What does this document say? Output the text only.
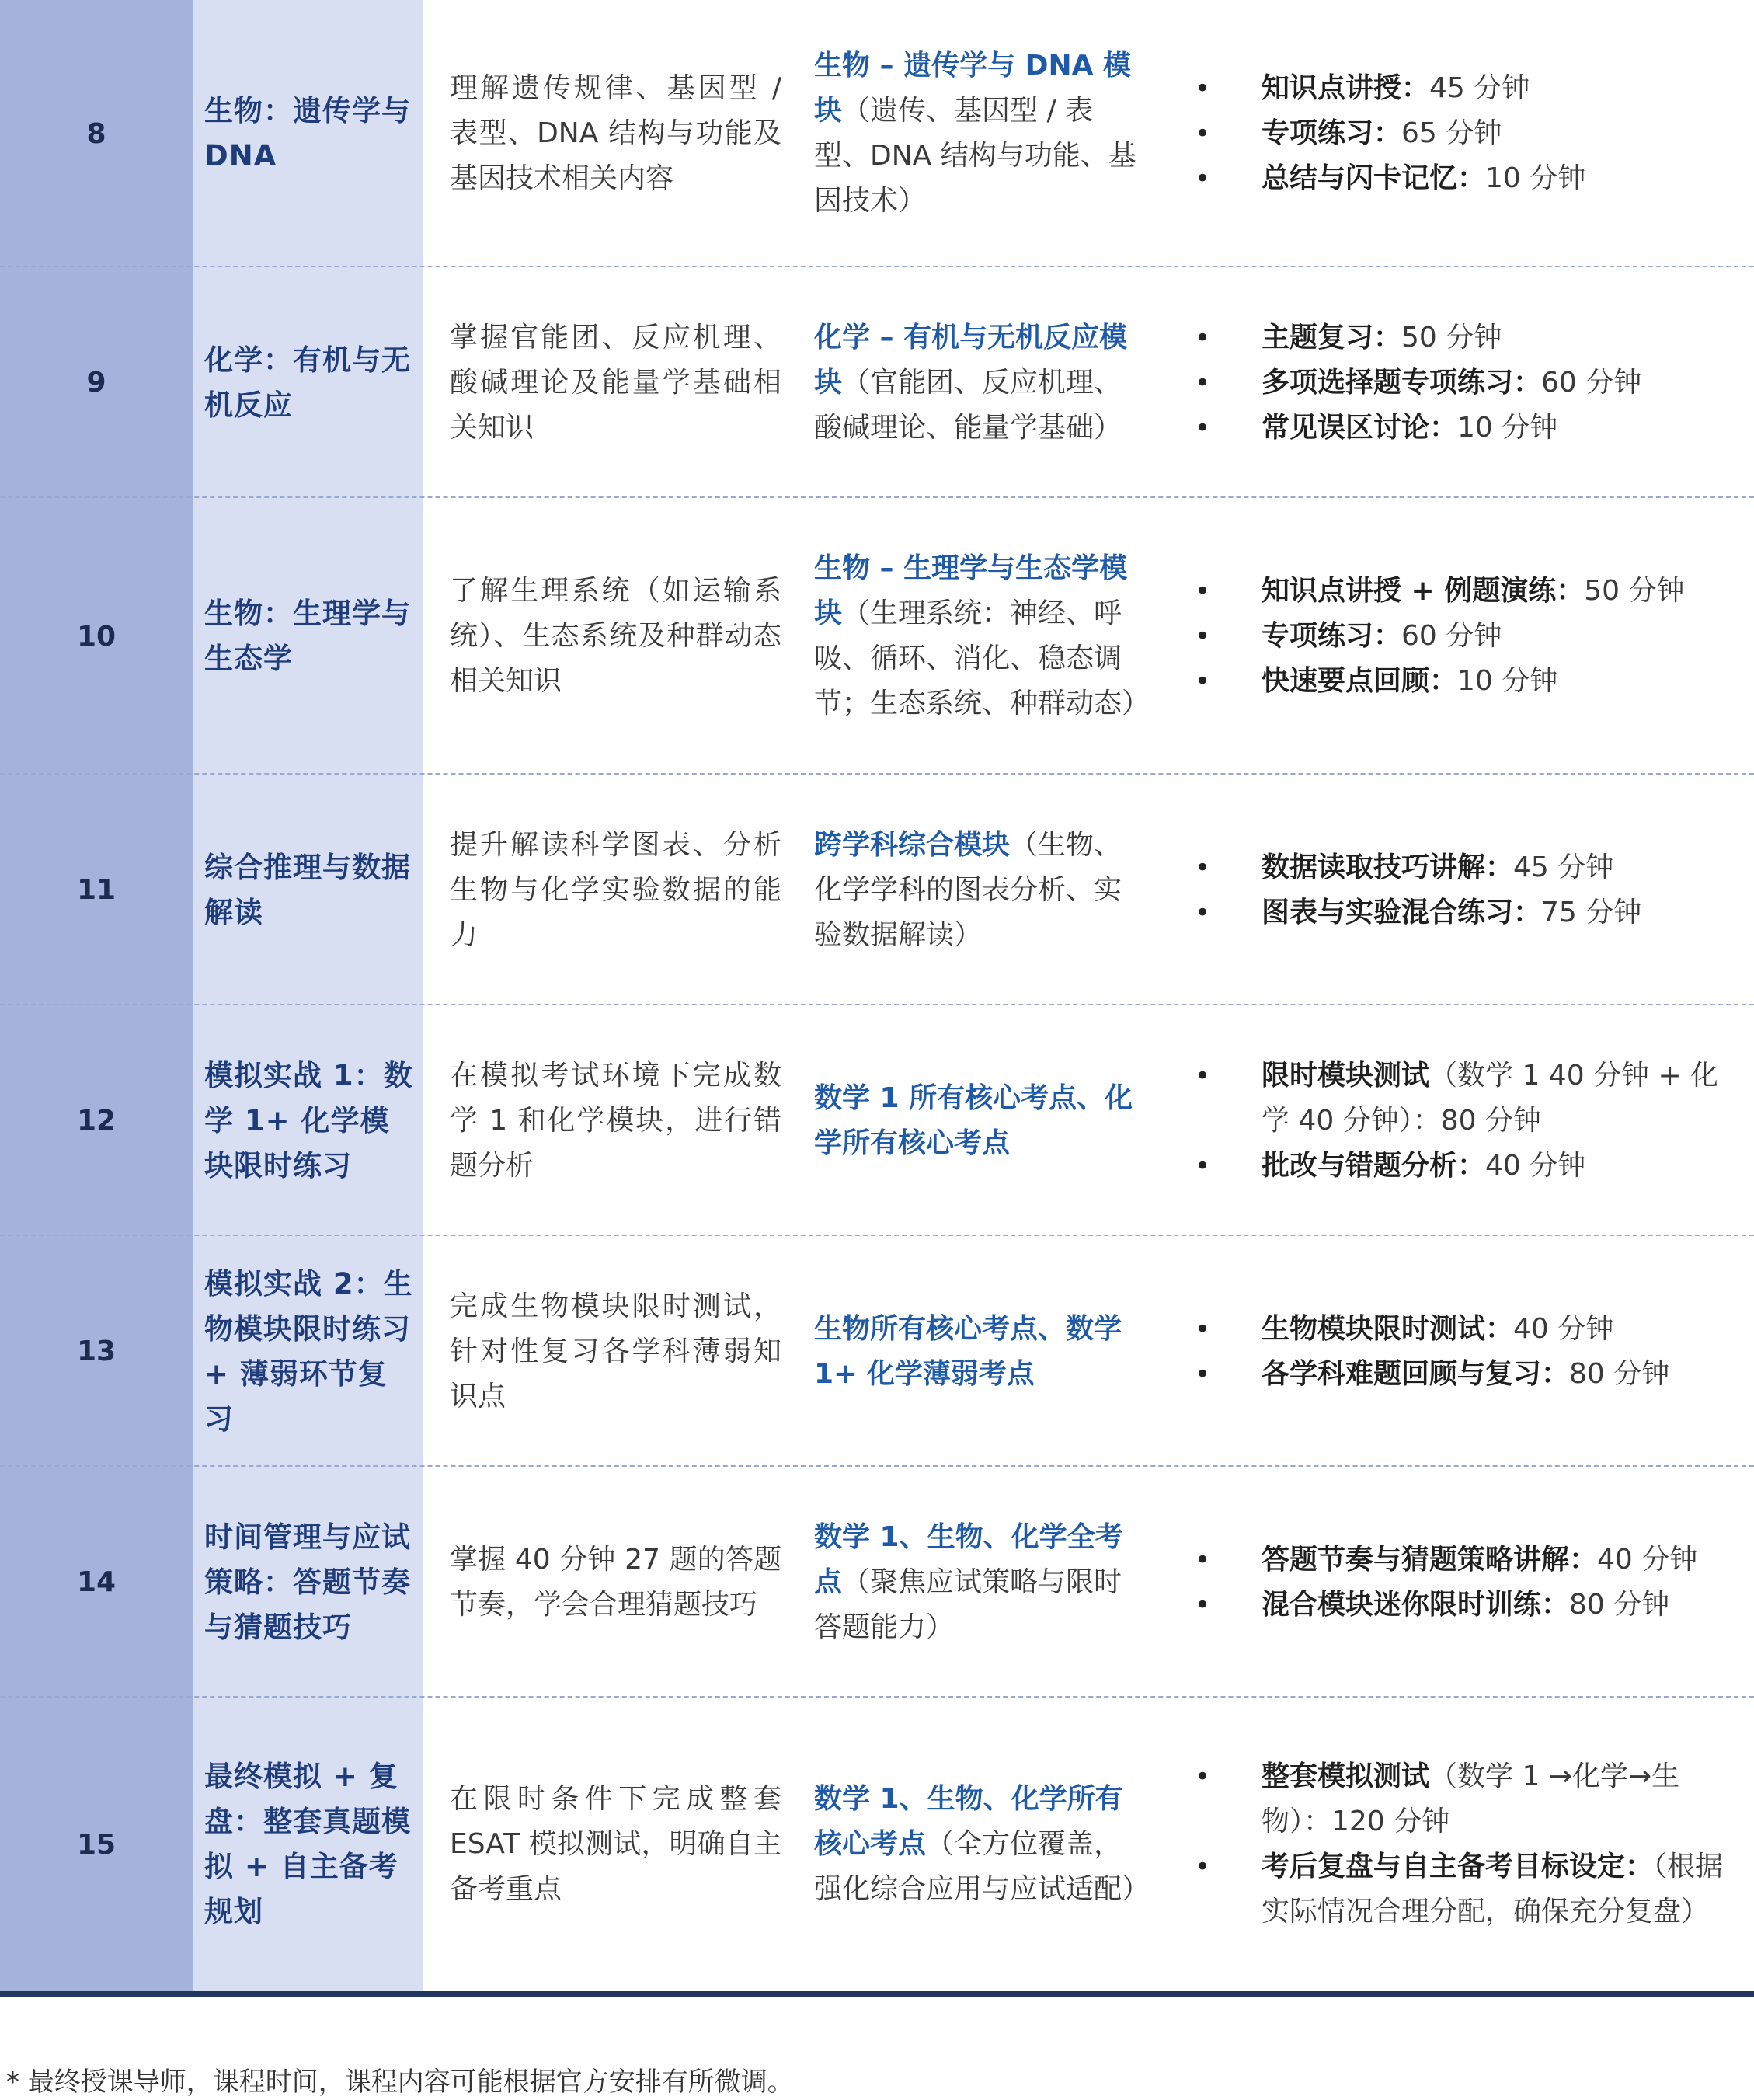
8
生物：遗传学与DNA
理解遗传规律、基因型 / 表型、DNA 结构与功能及基因技术相关内容
生物 – 遗传学与 DNA 模块（遗传、基因型 / 表型、DNA 结构与功能、基因技术）
• 知识点讲授：45 分钟
• 专项练习：65 分钟
• 总结与闪卡记忆：10 分钟
9
化学：有机与无机反应
掌握官能团、反应机理、酸碱理论及能量学基础相关知识
化学 – 有机与无机反应模块（官能团、反应机理、酸碱理论、能量学基础）
• 主题复习：50 分钟
• 多项选择题专项练习：60 分钟
• 常见误区讨论：10 分钟
10
生物：生理学与生态学
了解生理系统（如运输系统）、生态系统及种群动态相关知识
生物 – 生理学与生态学模块（生理系统：神经、呼吸、循环、消化、稳态调节；生态系统、种群动态）
• 知识点讲授 + 例题演练：50 分钟
• 专项练习：60 分钟
• 快速要点回顾：10 分钟
11
综合推理与数据解读
提升解读科学图表、分析生物与化学实验数据的能力
跨学科综合模块（生物、化学学科的图表分析、实验数据解读）
• 数据读取技巧讲解：45 分钟
• 图表与实验混合练习：75 分钟
12
模拟实战 1：数学 1+ 化学模块限时练习
在模拟考试环境下完成数学 1 和化学模块，进行错题分析
数学 1 所有核心考点、化学所有核心考点
• 限时模块测试（数学 1 40 分钟 + 化学 40 分钟）：80 分钟
• 批改与错题分析：40 分钟
13
模拟实战 2：生物模块限时练习 + 薄弱环节复习
完成生物模块限时测试，针对性复习各学科薄弱知识点
生物所有核心考点、数学 1+ 化学薄弱考点
• 生物模块限时测试：40 分钟
• 各学科难题回顾与复习：80 分钟
14
时间管理与应试策略：答题节奏与猜题技巧
掌握 40 分钟 27 题的答题节奏，学会合理猜题技巧
数学 1、生物、化学全考点（聚焦应试策略与限时答题能力）
• 答题节奏与猜题策略讲解：40 分钟
• 混合模块迷你限时训练：80 分钟
15
最终模拟 + 复盘：整套真题模拟 + 自主备考规划
在限时条件下完成整套 ESAT 模拟测试，明确自主备考重点
数学 1、生物、化学所有核心考点（全方位覆盖，强化综合应用与应试适配）
• 整套模拟测试（数学 1 →化学→生物）：120 分钟
• 考后复盘与自主备考目标设定：（根据实际情况合理分配，确保充分复盘）
* 最终授课导师，课程时间，课程内容可能根据官方安排有所微调。
